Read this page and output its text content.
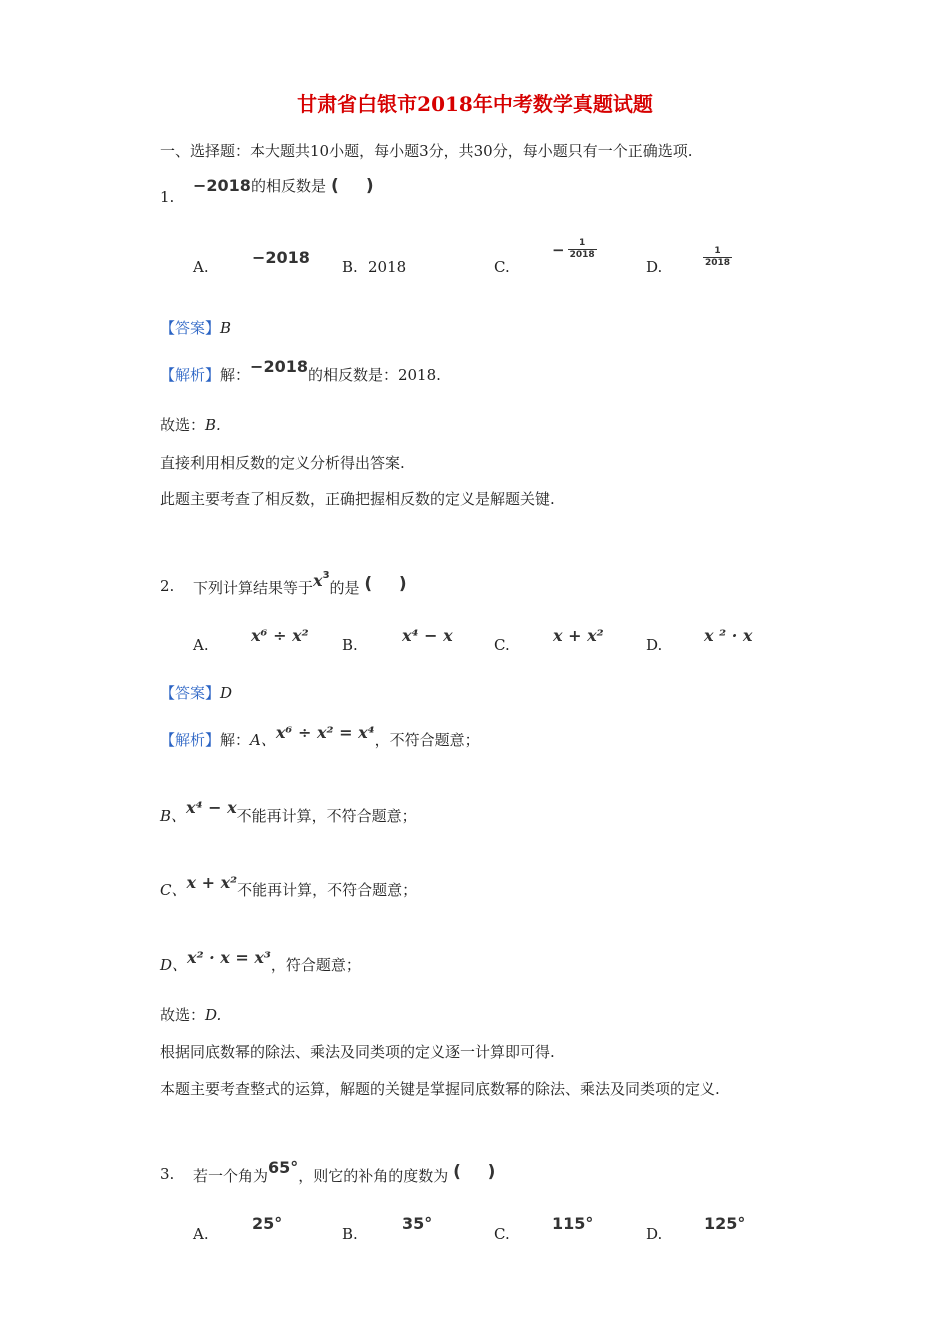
甘肃省白银市2018年中考数学真题试题
一、选择题：本大题共10小题，每小题3分，共30分，每小题只有一个正确选项.
1.
−2018的相反数是 ( )
A.	−2018 B. 2018	C.
− $\frac{1}{2018}$
D.	$\frac{1}{2018}$
【答案】B
【解析】解：−2018的相反数是：2018.
故选：B.
直接利用相反数的定义分析得出答案.
此题主要考查了相反数，正确把握相反数的定义是解题关键.
2. 下列计算结果等于$x^3$的是 ( )
A.	x⁶ ÷ x² B.	x⁴ − x	C.	x + x²	D.	x ² · x
【答案】D
【解析】解：A、x⁶ ÷ x² = x⁴，不符合题意；
B、x⁴ − x不能再计算，不符合题意；
C、x + x²不能再计算，不符合题意；
D、x² · x = x³，符合题意；
故选：D.
根据同底数幂的除法、乘法及同类项的定义逐一计算即可得.
本题主要考查整式的运算，解题的关键是掌握同底数幂的除法、乘法及同类项的定义.
3. 若一个角为65°，则它的补角的度数为 ( )
A.
25°
B.
35°
C.
115°
D.
125°
